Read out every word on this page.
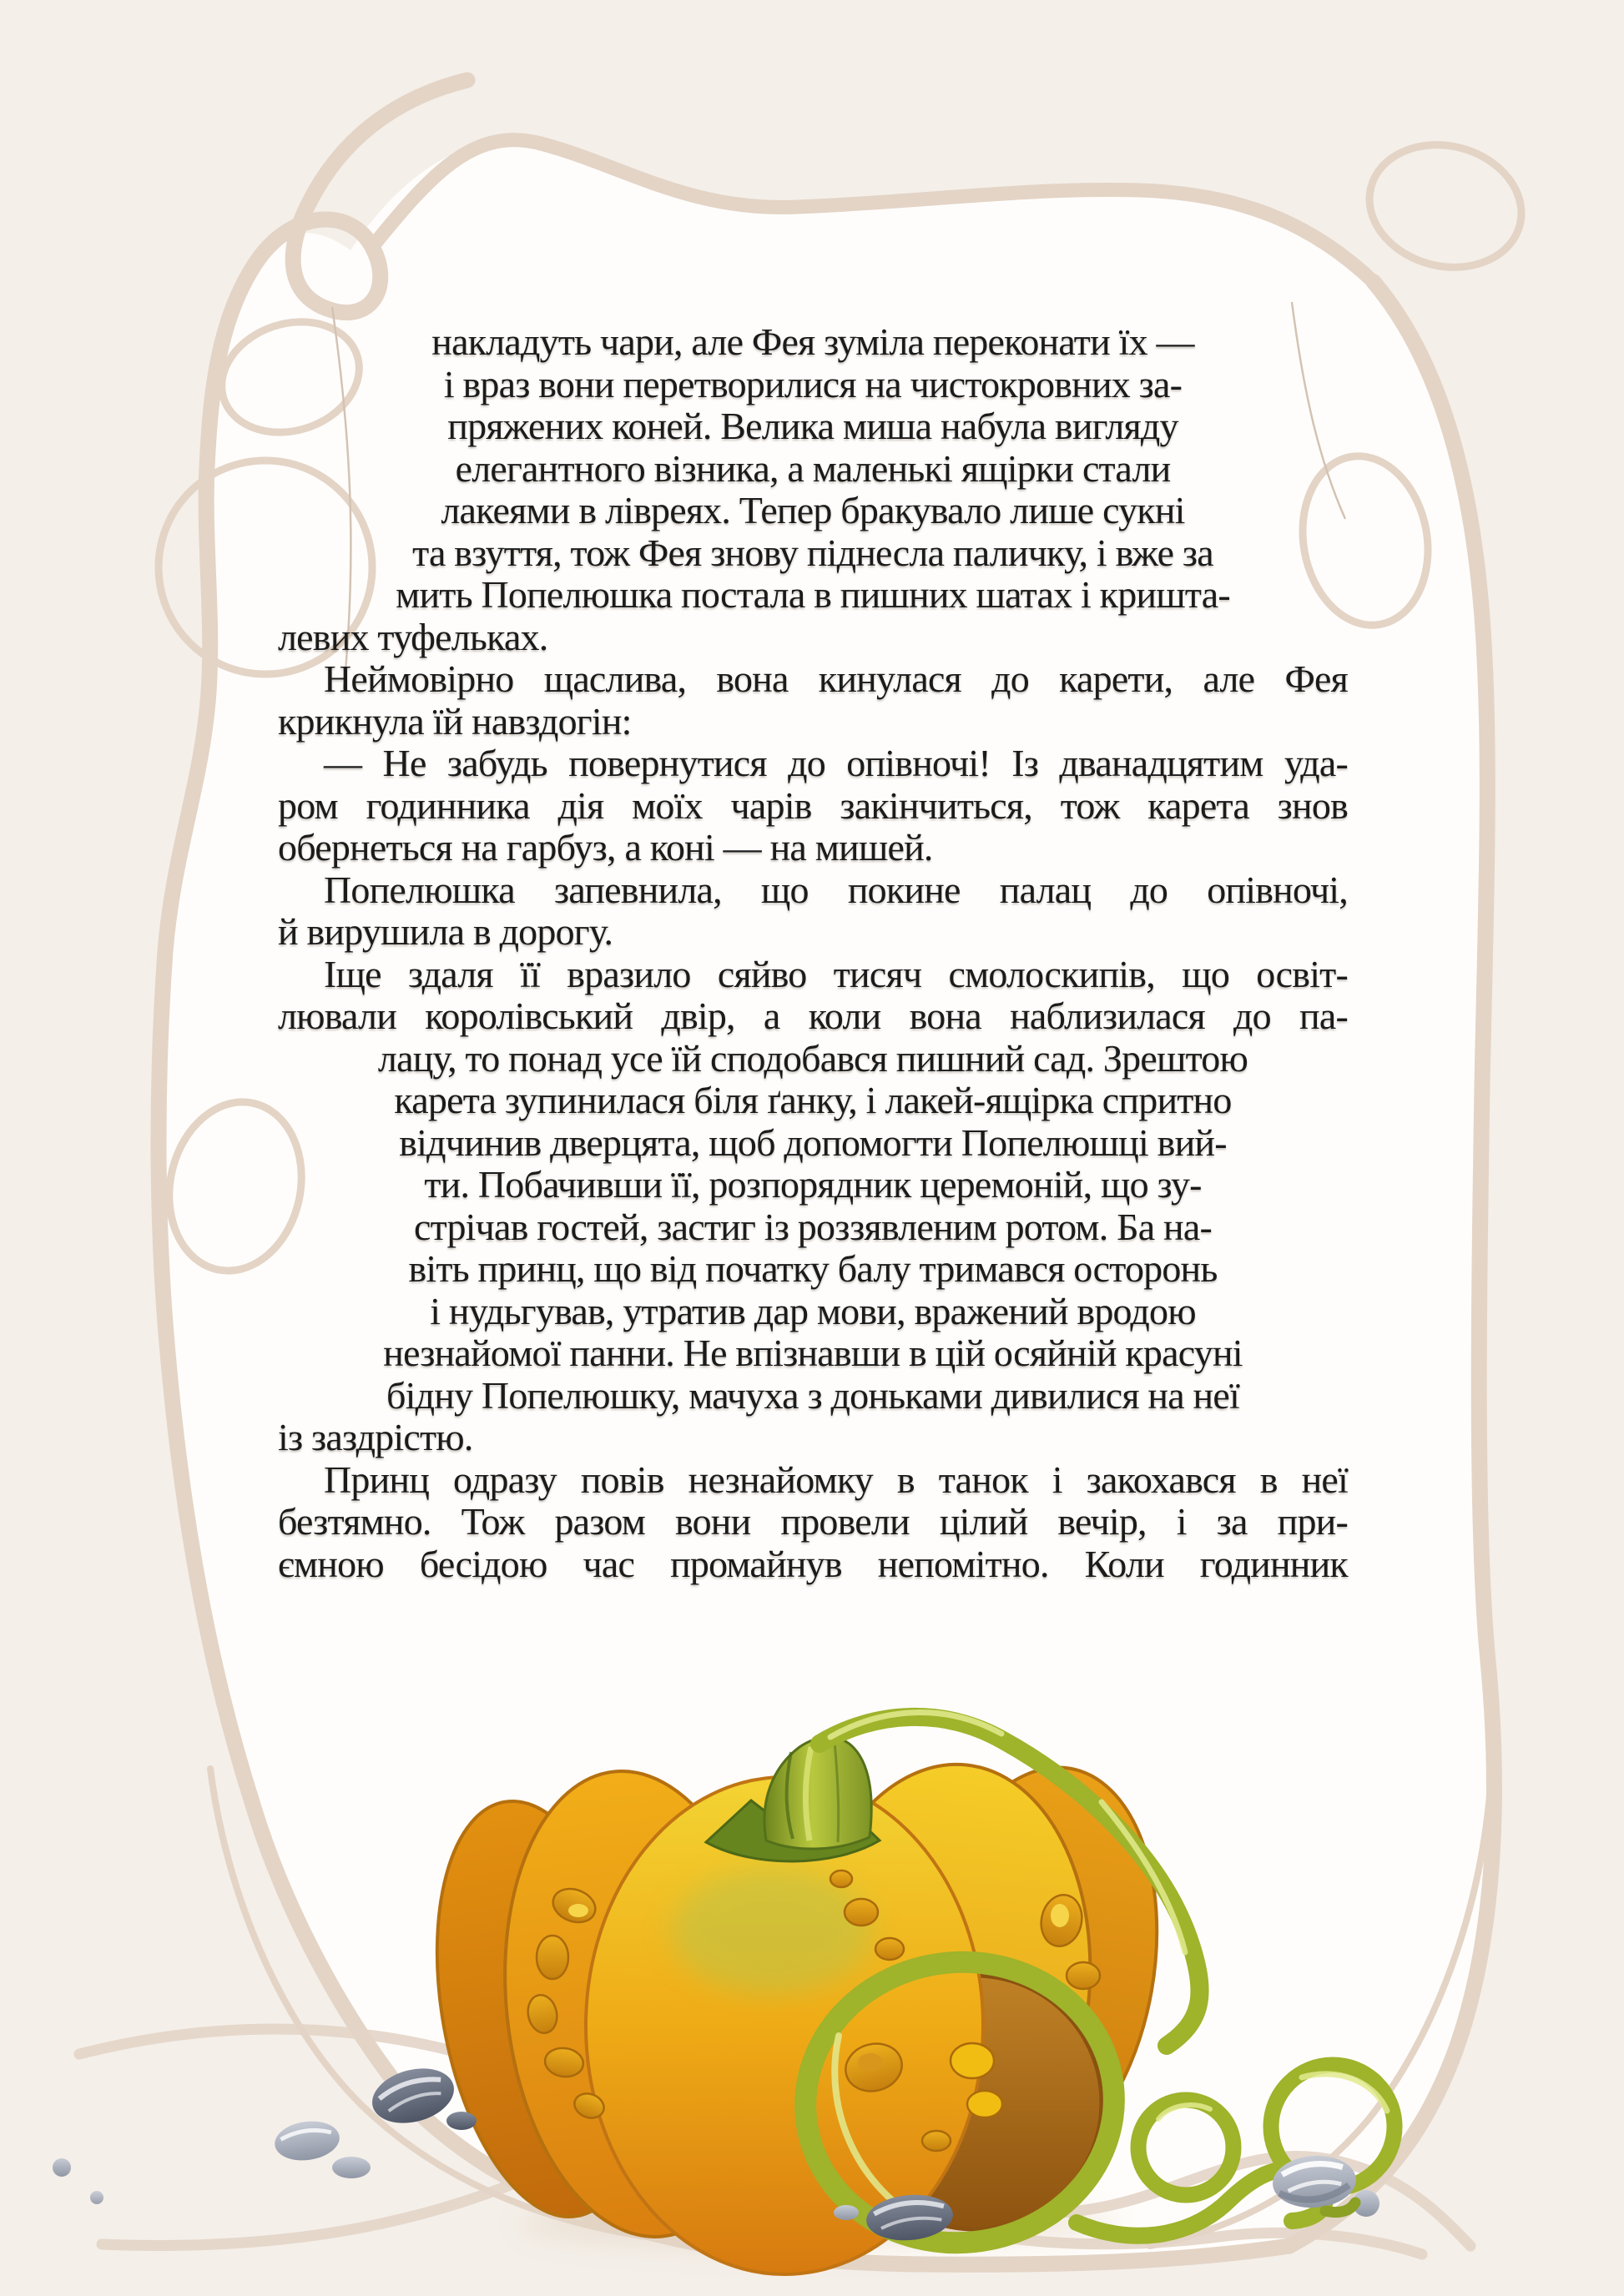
накладуть чари, але Фея зуміла переконати їх —
і враз вони перетворилися на чистокровних за-
пряжених коней. Велика миша набула вигляду
елегантного візника, а маленькі ящірки стали
лакеями в лівреях. Тепер бракувало лише сукні
та взуття, тож Фея знову піднесла паличку, і вже за
мить Попелюшка постала в пишних шатах і кришта-
левих туфельках.
Неймовірно щаслива, вона кинулася до карети, але Фея
крикнула їй навздогін:
— Не забудь повернутися до опівночі! Із дванадцятим уда-
ром годинника дія моїх чарів закінчиться, тож карета знов
обернеться на гарбуз, а коні — на мишей.
Попелюшка запевнила, що покине палац до опівночі,
й вирушила в дорогу.
Іще здаля її вразило сяйво тисяч смолоскипів, що освіт-
лювали королівський двір, а коли вона наблизилася до па-
лацу, то понад усе їй сподобався пишний сад. Зрештою
карета зупинилася біля ґанку, і лакей-ящірка спритно
відчинив дверцята, щоб допомогти Попелюшці вий-
ти. Побачивши її, розпорядник церемоній, що зу-
стрічав гостей, застиг із роззявленим ротом. Ба на-
віть принц, що від початку балу тримався осторонь
і нудьгував, утратив дар мови, вражений вродою
незнайомої панни. Не впізнавши в цій осяйній красуні
бідну Попелюшку, мачуха з доньками дивилися на неї
із заздрістю.
Принц одразу повів незнайомку в танок і закохався в неї
безтямно. Тож разом вони провели цілий вечір, і за при-
ємною бесідою час промайнув непомітно. Коли годинник
